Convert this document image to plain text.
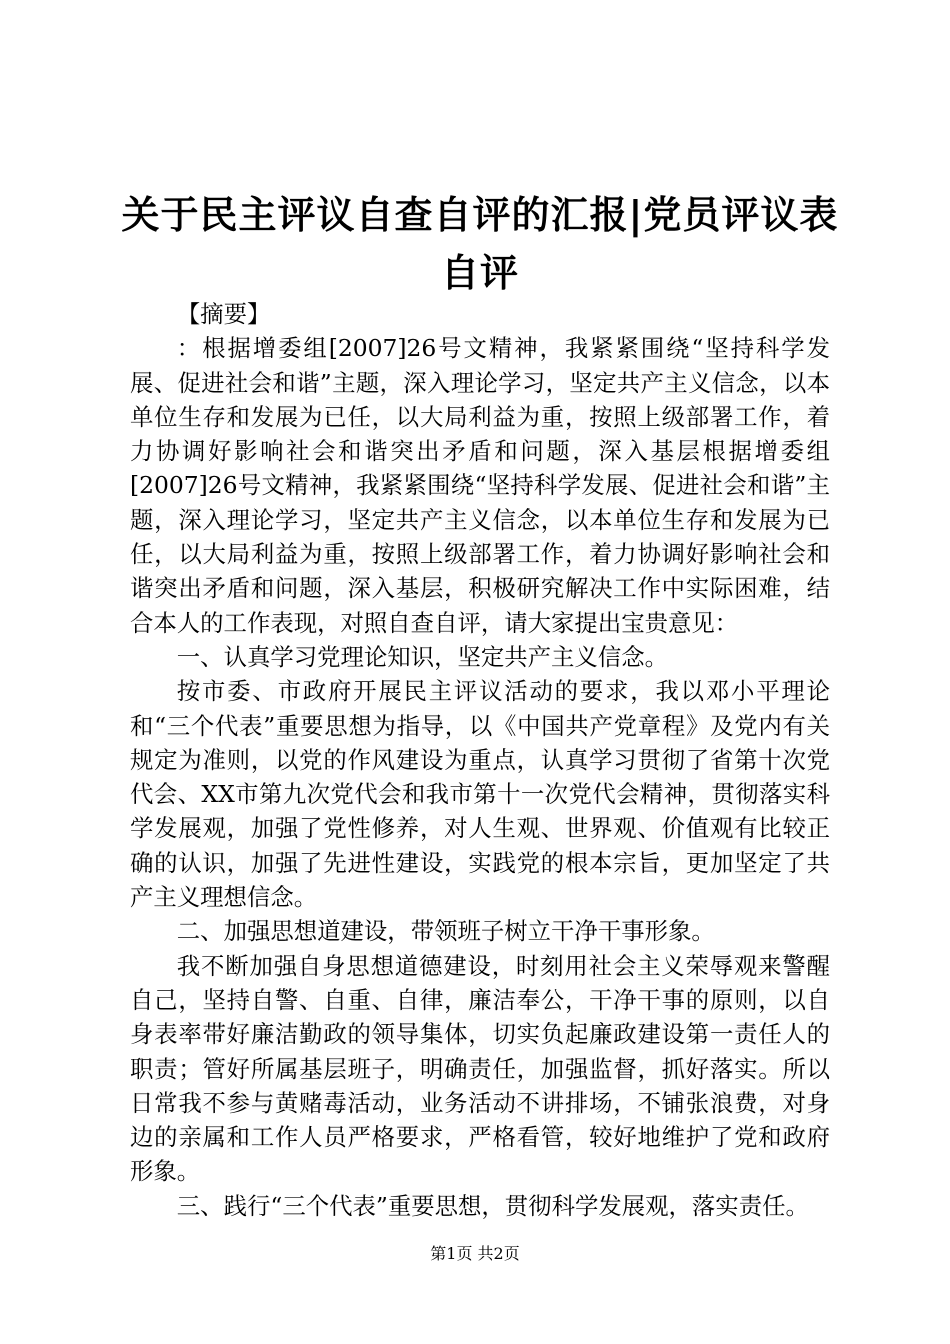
关于民主评议自查自评的汇报|党员评议表自评

【摘要】

：根据增委组[2007]26号文精神，我紧紧围绕“坚持科学发展、促进社会和谐”主题，深入理论学习，坚定共产主义信念，以本单位生存和发展为已任，以大局利益为重，按照上级部署工作，着力协调好影响社会和谐突出矛盾和问题，深入基层根据增委组[2007]26号文精神，我紧紧围绕“坚持科学发展、促进社会和谐”主题，深入理论学习，坚定共产主义信念，以本单位生存和发展为已任，以大局利益为重，按照上级部署工作，着力协调好影响社会和谐突出矛盾和问题，深入基层，积极研究解决工作中实际困难，结合本人的工作表现，对照自查自评，请大家提出宝贵意见：

一、认真学习党理论知识，坚定共产主义信念。

按市委、市政府开展民主评议活动的要求，我以邓小平理论和“三个代表”重要思想为指导，以《中国共产党章程》及党内有关规定为准则，以党的作风建设为重点，认真学习贯彻了省第十次党代会、XX市第九次党代会和我市第十一次党代会精神，贯彻落实科学发展观，加强了党性修养，对人生观、世界观、价值观有比较正确的认识，加强了先进性建设，实践党的根本宗旨，更加坚定了共产主义理想信念。

二、加强思想道建设，带领班子树立干净干事形象。

我不断加强自身思想道德建设，时刻用社会主义荣辱观来警醒自己，坚持自警、自重、自律，廉洁奉公，干净干事的原则，以自身表率带好廉洁勤政的领导集体，切实负起廉政建设第一责任人的职责；管好所属基层班子，明确责任，加强监督，抓好落实。所以日常我不参与黄赌毒活动，业务活动不讲排场，不铺张浪费，对身边的亲属和工作人员严格要求，严格看管，较好地维护了党和政府形象。

三、践行“三个代表”重要思想，贯彻科学发展观，落实责任。

第1页 共2页
